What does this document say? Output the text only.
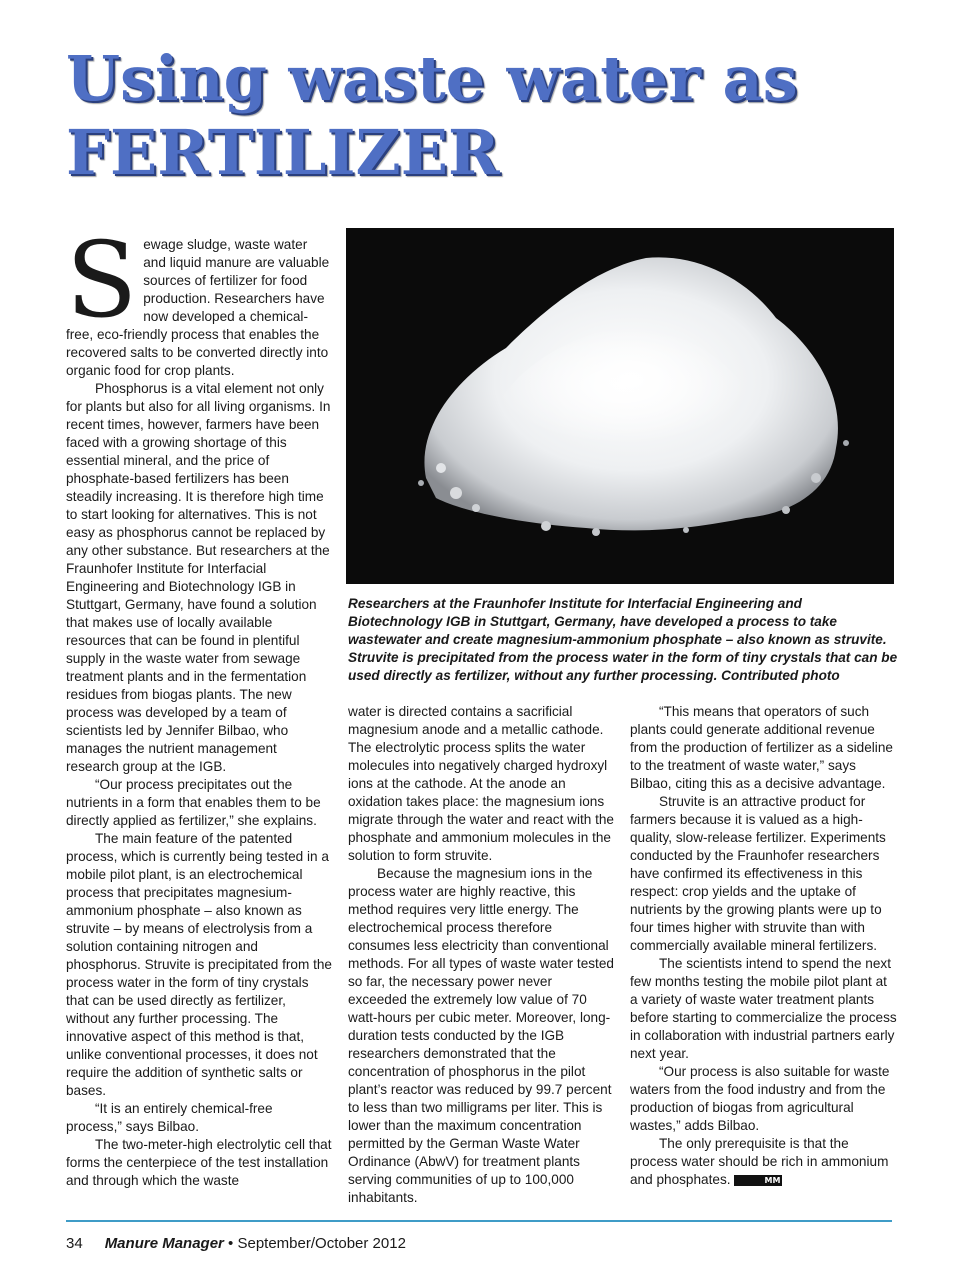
Using waste water as
FERTILIZER

Sewage sludge, waste water and liquid manure are valuable sources of fertilizer for food production. Researchers have now developed a chemical-free, eco-friendly process that enables the recovered salts to be converted directly into organic food for crop plants.

Phosphorus is a vital element not only for plants but also for all living organisms. In recent times, however, farmers have been faced with a growing shortage of this essential mineral, and the price of phosphate-based fertilizers has been steadily increasing. It is therefore high time to start looking for alternatives. This is not easy as phosphorus cannot be replaced by any other substance. But researchers at the Fraunhofer Institute for Interfacial Engineering and Biotechnology IGB in Stuttgart, Germany, have found a solution that makes use of locally available resources that can be found in plentiful supply in the waste water from sewage treatment plants and in the fermentation residues from biogas plants. The new process was developed by a team of scientists led by Jennifer Bilbao, who manages the nutrient management research group at the IGB.

“Our process precipitates out the nutrients in a form that enables them to be directly applied as fertilizer,” she explains.

The main feature of the patented process, which is currently being tested in a mobile pilot plant, is an electrochemical process that precipitates magnesium-ammonium phosphate – also known as struvite – by means of electrolysis from a solution containing nitrogen and phosphorus. Struvite is precipitated from the process water in the form of tiny crystals that can be used directly as fertilizer, without any further processing. The innovative aspect of this method is that, unlike conventional processes, it does not require the addition of synthetic salts or bases.

“It is an entirely chemical-free process,” says Bilbao.

The two-meter-high electrolytic cell that forms the centerpiece of the test installation and through which the waste

Researchers at the Fraunhofer Institute for Interfacial Engineering and Biotechnology IGB in Stuttgart, Germany, have developed a process to take wastewater and create magnesium-ammonium phosphate – also known as struvite. Struvite is precipitated from the process water in the form of tiny crystals that can be used directly as fertilizer, without any further processing. Contributed photo

water is directed contains a sacrificial magnesium anode and a metallic cathode. The electrolytic process splits the water molecules into negatively charged hydroxyl ions at the cathode. At the anode an oxidation takes place: the magnesium ions migrate through the water and react with the phosphate and ammonium molecules in the solution to form struvite.

Because the magnesium ions in the process water are highly reactive, this method requires very little energy. The electrochemical process therefore consumes less electricity than conventional methods. For all types of waste water tested so far, the necessary power never exceeded the extremely low value of 70 watt-hours per cubic meter. Moreover, long-duration tests conducted by the IGB researchers demonstrated that the concentration of phosphorus in the pilot plant’s reactor was reduced by 99.7 percent to less than two milligrams per liter. This is lower than the maximum concentration permitted by the German Waste Water Ordinance (AbwV) for treatment plants serving communities of up to 100,000 inhabitants.

“This means that operators of such plants could generate additional revenue from the production of fertilizer as a sideline to the treatment of waste water,” says Bilbao, citing this as a decisive advantage.

Struvite is an attractive product for farmers because it is valued as a high-quality, slow-release fertilizer. Experiments conducted by the Fraunhofer researchers have confirmed its effectiveness in this respect: crop yields and the uptake of nutrients by the growing plants were up to four times higher with struvite than with commercially available mineral fertilizers.

The scientists intend to spend the next few months testing the mobile pilot plant at a variety of waste water treatment plants before starting to commercialize the process in collaboration with industrial partners early next year.

“Our process is also suitable for waste waters from the food industry and from the production of biogas from agricultural wastes,” adds Bilbao.

The only prerequisite is that the process water should be rich in ammonium and phosphates.	MM

34 Manure Manager • September/October 2012
